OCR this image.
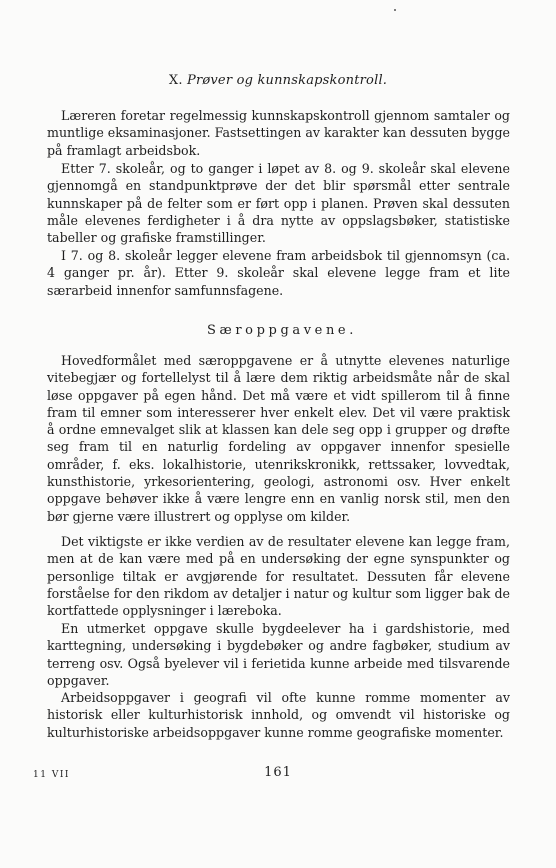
X. Prøver og kunnskapskontroll.

Læreren foretar regelmessig kunnskapskontroll gjennom samtaler og muntlige eksaminasjoner. Fastsettingen av karakter kan dessuten bygge på framlagt arbeidsbok.

Etter 7. skoleår, og to ganger i løpet av 8. og 9. skoleår skal elevene gjennomgå en standpunktprøve der det blir spørsmål etter sentrale kunnskaper på de felter som er ført opp i planen. Prøven skal dessuten måle elevenes ferdigheter i å dra nytte av oppslagsbøker, statistiske tabeller og grafiske framstillinger.

I 7. og 8. skoleår legger elevene fram arbeidsbok til gjennomsyn (ca. 4 ganger pr. år). Etter 9. skoleår skal elevene legge fram et lite særarbeid innenfor samfunnsfagene.

Særoppgavene.

Hovedformålet med særoppgavene er å utnytte elevenes naturlige vitebegjær og fortellelyst til å lære dem riktig arbeidsmåte når de skal løse oppgaver på egen hånd. Det må være et vidt spillerom til å finne fram til emner som interesserer hver enkelt elev. Det vil være praktisk å ordne emnevalget slik at klassen kan dele seg opp i grupper og drøfte seg fram til en naturlig fordeling av oppgaver innenfor spesielle områder, f. eks. lokalhistorie, utenrikskronikk, rettssaker, lovvedtak, kunsthistorie, yrkesorientering, geologi, astronomi osv. Hver enkelt oppgave behøver ikke å være lengre enn en vanlig norsk stil, men den bør gjerne være illustrert og opplyse om kilder.

Det viktigste er ikke verdien av de resultater elevene kan legge fram, men at de kan være med på en undersøking der egne synspunkter og personlige tiltak er avgjørende for resultatet. Dessuten får elevene forståelse for den rikdom av detaljer i natur og kultur som ligger bak de kortfattede opplysninger i læreboka.

En utmerket oppgave skulle bygdeelever ha i gardshistorie, med karttegning, undersøking i bygdebøker og andre fagbøker, studium av terreng osv. Også byelever vil i ferietida kunne arbeide med tilsvarende oppgaver.

Arbeidsoppgaver i geografi vil ofte kunne romme momenter av historisk eller kulturhistorisk innhold, og omvendt vil historiske og kulturhistoriske arbeidsoppgaver kunne romme geografiske momenter.

11 VII	161
